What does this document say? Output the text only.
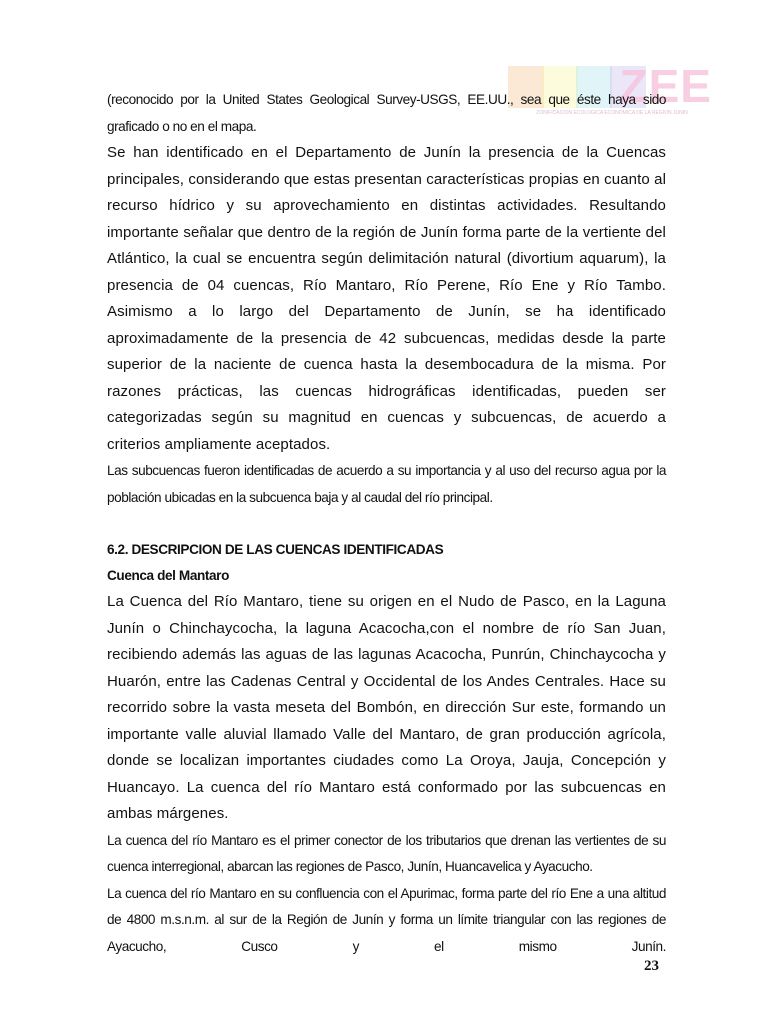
ZEE
ZONIFICACIÓN ECOLÓGICA ECONÓMICA DE LA REGIÓN JUNÍN

(reconocido por la United States Geological Survey-USGS, EE.UU., sea que éste haya sido graficado o no en el mapa.

Se han identificado en el Departamento de Junín la presencia de la Cuencas principales, considerando que estas presentan características propias en cuanto al recurso hídrico y su aprovechamiento en distintas actividades. Resultando importante señalar que dentro de la región de Junín forma parte de la vertiente del Atlántico, la cual se encuentra según delimitación natural (divortium aquarum), la presencia de 04 cuencas, Río Mantaro, Río Perene, Río Ene y Río Tambo. Asimismo a lo largo del Departamento de Junín, se ha identificado aproximadamente de la presencia de 42 subcuencas, medidas desde la parte superior de la naciente de cuenca hasta la desembocadura de la misma. Por razones prácticas, las cuencas hidrográficas identificadas, pueden ser categorizadas según su magnitud en cuencas y subcuencas, de acuerdo a criterios ampliamente aceptados.

Las subcuencas fueron identificadas de acuerdo a su importancia y al uso del recurso agua por la población ubicadas en la subcuenca baja y al caudal del río principal.

6.2. DESCRIPCION DE LAS CUENCAS IDENTIFICADAS
Cuenca del Mantaro

La Cuenca del Río Mantaro, tiene su origen en el Nudo de Pasco, en la Laguna Junín o Chinchaycocha, la laguna Acacocha,con el nombre de río San Juan, recibiendo además las aguas de las lagunas Acacocha, Punrún, Chinchaycocha y Huarón, entre las Cadenas Central y Occidental de los Andes Centrales. Hace su recorrido sobre la vasta meseta del Bombón, en dirección Sur este, formando un importante valle aluvial llamado Valle del Mantaro, de gran producción agrícola, donde se localizan importantes ciudades como La Oroya, Jauja, Concepción y Huancayo. La cuenca del río Mantaro está conformado por las subcuencas en ambas márgenes.

La cuenca del río Mantaro es el primer conector de los tributarios que drenan las vertientes de su cuenca interregional, abarcan las regiones de Pasco, Junín, Huancavelica y Ayacucho.

La cuenca del río Mantaro en su confluencia con el Apurimac, forma parte del río Ene a una altitud de 4800 m.s.n.m. al sur de la Región de Junín y forma un límite triangular con las regiones de Ayacucho, Cusco y el mismo Junín.

23
